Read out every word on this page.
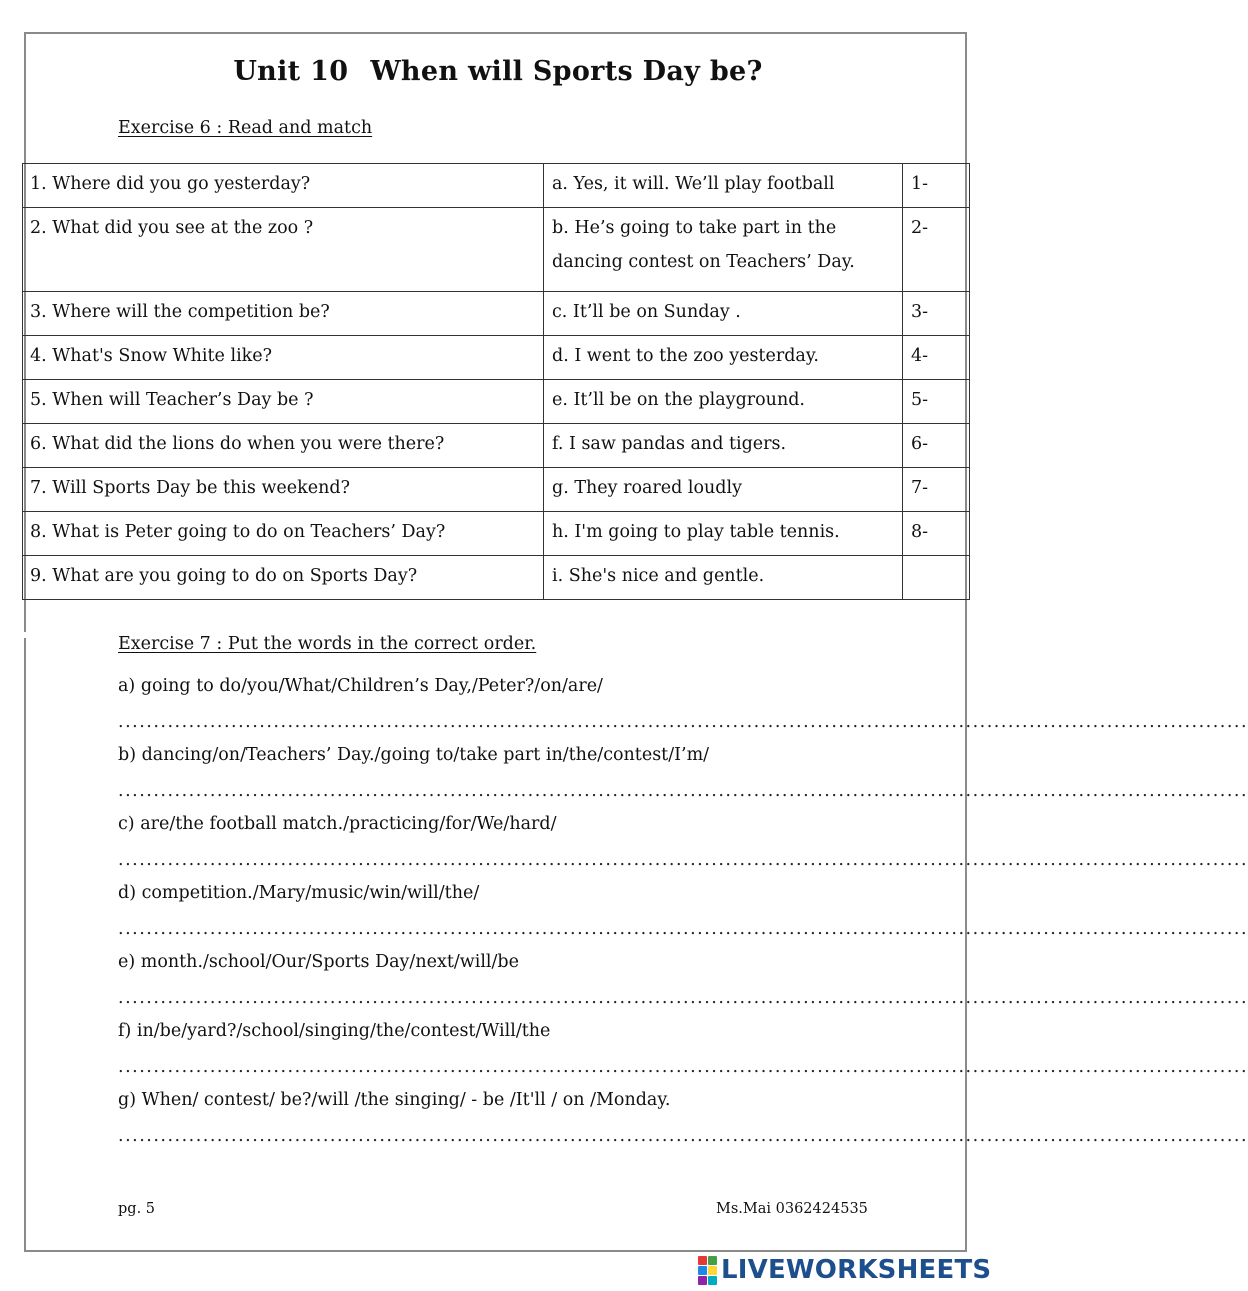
Unit 10 When will Sports Day be?
Exercise 6 : Read and match
1. Where did you go yesterday?	a. Yes, it will. We’ll play football	1-
2. What did you see at the zoo ?	b. He’s going to take part in the dancing contest on Teachers’ Day.	2-
3. Where will the competition be?	c. It’ll be on Sunday .	3-
4. What's Snow White like?	d. I went to the zoo yesterday.	4-
5. When will Teacher’s Day be ?	e. It’ll be on the playground.	5-
6. What did the lions do when you were there?	f. I saw pandas and tigers.	6-
7. Will Sports Day be this weekend?	g. They roared loudly	7-
8. What is Peter going to do on Teachers’ Day?	h. I'm going to play table tennis.	8-
9. What are you going to do on Sports Day?	i. She's nice and gentle.	
Exercise 7 : Put the words in the correct order.
a) going to do/you/What/Children’s Day,/Peter?/on/are/
................................................................................................................................................................
b) dancing/on/Teachers’ Day./going to/take part in/the/contest/I’m/
................................................................................................................................................................
c) are/the football match./practicing/for/We/hard/
................................................................................................................................................................
d) competition./Mary/music/win/will/the/
................................................................................................................................................................
e) month./school/Our/Sports Day/next/will/be
................................................................................................................................................................
f) in/be/yard?/school/singing/the/contest/Will/the
................................................................................................................................................................
g) When/ contest/ be?/will /the singing/ - be /It'll / on /Monday.
................................................................................................................................................................
pg. 5	Ms.Mai 0362424535
LIVEWORKSHEETS
